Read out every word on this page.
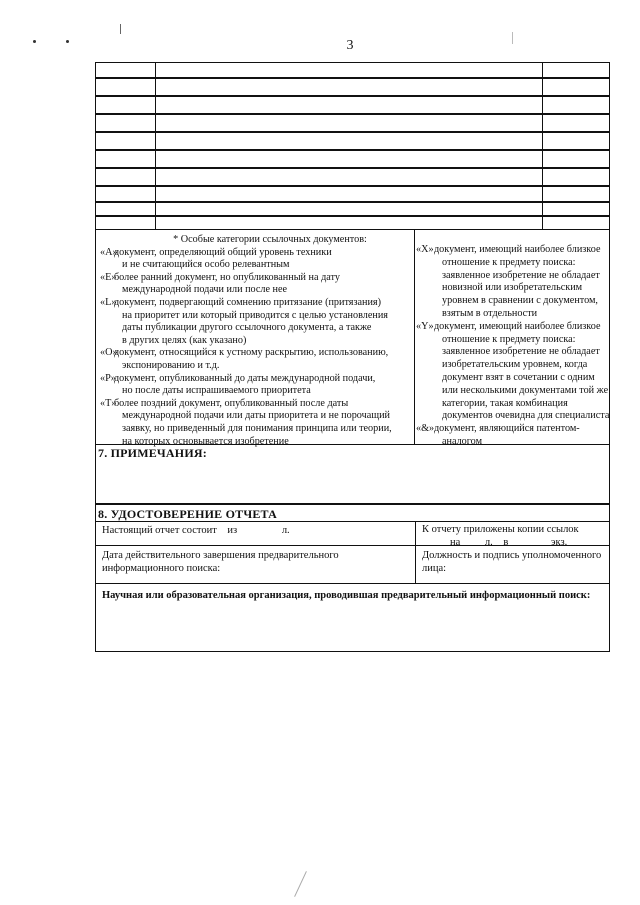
3
* Особые категории ссылочных документов:
«A»
документ, определяющий общий уровень техники
и не считающийся особо релевантным
«E»
более ранний документ, но опубликованный на дату
международной подачи или после нее
«L»
документ, подвергающий сомнению притязание (притязания)
на приоритет или который приводится с целью установления
даты публикации другого ссылочного документа, а также
в других целях (как указано)
«O»
документ, относящийся к устному раскрытию, использованию,
экспонированию и т.д.
«P»
документ, опубликованный до даты международной подачи,
но после даты испрашиваемого приоритета
«T»
более поздний документ, опубликованный после даты
международной подачи или даты приоритета и не порочащий
заявку, но приведенный для понимания принципа или теории,
на которых основывается изобретение
«X» документ, имеющий наиболее близкое
отношение к предмету поиска:
заявленное изобретение не обладает
новизной или изобретательским
уровнем в сравнении с документом,
взятым в отдельности
«Y» документ, имеющий наиболее близкое
отношение к предмету поиска:
заявленное изобретение не обладает
изобретательским уровнем, когда
документ взят в сочетании с одним
или несколькими документами той же
категории, такая комбинация
документов очевидна для специалиста
«&» документ, являющийся патентом-
аналогом
7. ПРИМЕЧАНИЯ:
8. УДОСТОВЕРЕНИЕ ОТЧЕТА
Настоящий отчет состоит из	л.	К отчету приложены копии ссылок
на л. в	экз.
Дата действительного завершения предварительного
информационного поиска:
Должность и подпись уполномоченного
лица:
Научная или образовательная организация, проводившая предварительный информационный поиск:
